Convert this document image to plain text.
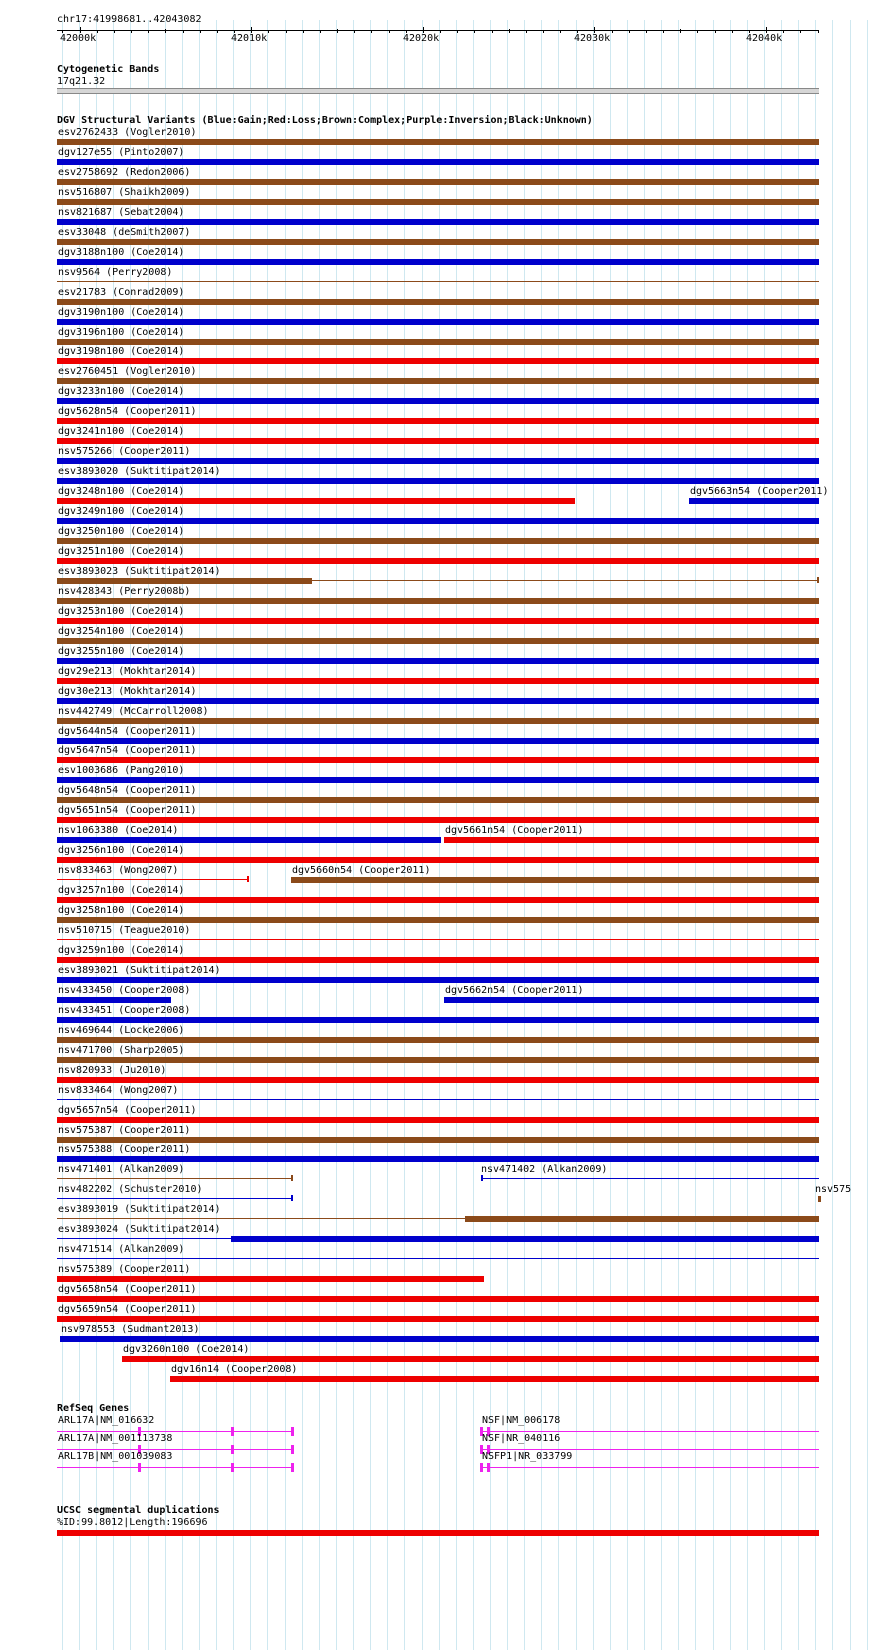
chr17:41998681..42043082
42000k	42010k	42020k	42030k	42040k
Cytogenetic Bands
17q21.32
DGV Structural Variants (Blue:Gain;Red:Loss;Brown:Complex;Purple:Inversion;Black:Unknown)
esv2762433 (Vogler2010)
dgv127e55 (Pinto2007)
esv2758692 (Redon2006)
nsv516807 (Shaikh2009)
nsv821687 (Sebat2004)
esv33048 (deSmith2007)
dgv3188n100 (Coe2014)
nsv9564 (Perry2008)
esv21783 (Conrad2009)
dgv3190n100 (Coe2014)
dgv3196n100 (Coe2014)
dgv3198n100 (Coe2014)
esv2760451 (Vogler2010)
dgv3233n100 (Coe2014)
dgv5628n54 (Cooper2011)
dgv3241n100 (Coe2014)
nsv575266 (Cooper2011)
esv3893020 (Suktitipat2014)
dgv3248n100 (Coe2014)	dgv5663n54 (Cooper2011)
dgv3249n100 (Coe2014)
dgv3250n100 (Coe2014)
dgv3251n100 (Coe2014)
esv3893023 (Suktitipat2014)
nsv428343 (Perry2008b)
dgv3253n100 (Coe2014)
dgv3254n100 (Coe2014)
dgv3255n100 (Coe2014)
dgv29e213 (Mokhtar2014)
dgv30e213 (Mokhtar2014)
nsv442749 (McCarroll2008)
dgv5644n54 (Cooper2011)
dgv5647n54 (Cooper2011)
esv1003686 (Pang2010)
dgv5648n54 (Cooper2011)
dgv5651n54 (Cooper2011)
nsv1063380 (Coe2014)	dgv5661n54 (Cooper2011)
dgv3256n100 (Coe2014)
nsv833463 (Wong2007)	dgv5660n54 (Cooper2011)
dgv3257n100 (Coe2014)
dgv3258n100 (Coe2014)
nsv510715 (Teague2010)
dgv3259n100 (Coe2014)
esv3893021 (Suktitipat2014)
nsv433450 (Cooper2008)	dgv5662n54 (Cooper2011)
nsv433451 (Cooper2008)
nsv469644 (Locke2006)
nsv471700 (Sharp2005)
nsv820933 (Ju2010)
nsv833464 (Wong2007)
dgv5657n54 (Cooper2011)
nsv575387 (Cooper2011)
nsv575388 (Cooper2011)
nsv471401 (Alkan2009)	nsv471402 (Alkan2009)
nsv482202 (Schuster2010)	nsv575
esv3893019 (Suktitipat2014)
esv3893024 (Suktitipat2014)
nsv471514 (Alkan2009)
nsv575389 (Cooper2011)
dgv5658n54 (Cooper2011)
dgv5659n54 (Cooper2011)
nsv978553 (Sudmant2013)
dgv3260n100 (Coe2014)
dgv16n14 (Cooper2008)
RefSeq Genes
ARL17A|NM_016632
ARL17A|NM_001113738
ARL17B|NM_001039083
NSF|NM_006178
NSF|NR_040116
NSFP1|NR_033799
UCSC segmental duplications
%ID:99.8012|Length:196696
